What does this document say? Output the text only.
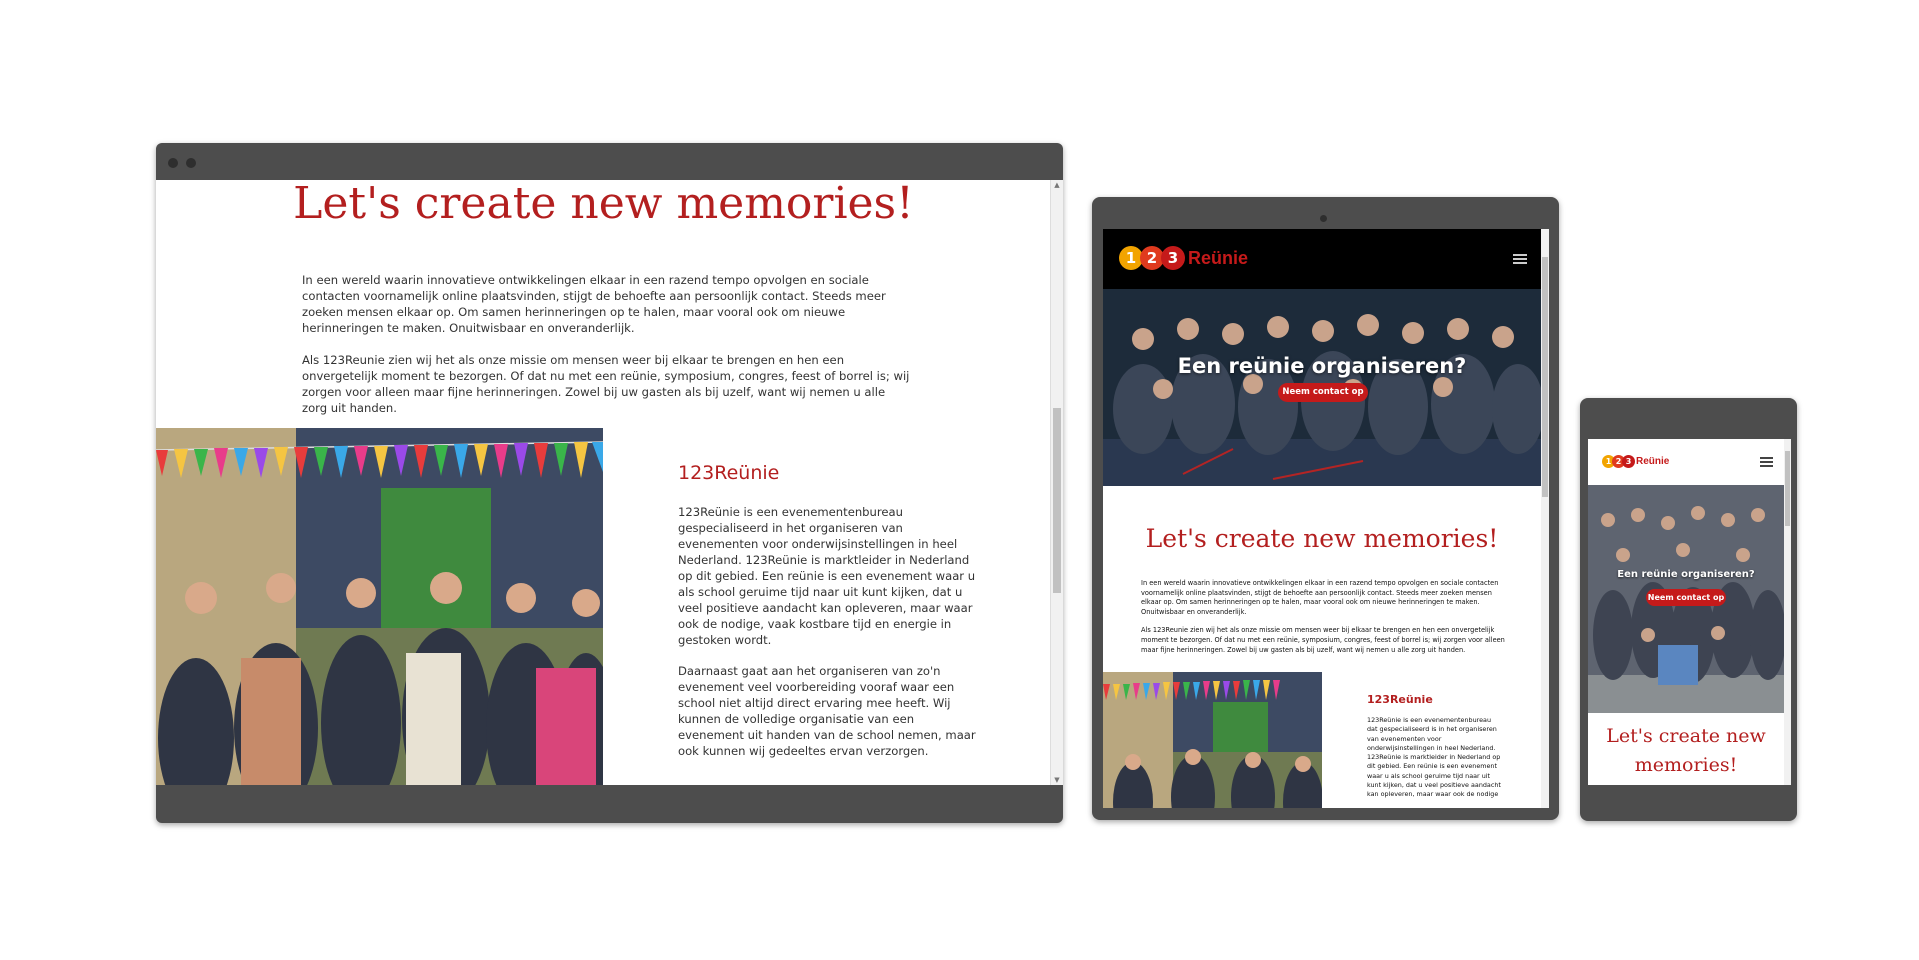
Let's create new memories!

In een wereld waarin innovatieve ontwikkelingen elkaar in een razend tempo opvolgen en sociale contacten voornamelijk online plaatsvinden, stijgt de behoefte aan persoonlijk contact. Steeds meer zoeken mensen elkaar op. Om samen herinneringen op te halen, maar vooral ook om nieuwe herinneringen te maken. Onuitwisbaar en onveranderlijk.

Als 123Reunie zien wij het als onze missie om mensen weer bij elkaar te brengen en hen een onvergetelijk moment te bezorgen. Of dat nu met een reünie, symposium, congres, feest of borrel is; wij zorgen voor alleen maar fijne herinneringen. Zowel bij uw gasten als bij uzelf, want wij nemen u alle zorg uit handen.

123Reünie

123Reünie is een evenementenbureau gespecialiseerd in het organiseren van evenementen voor onderwijsinstellingen in heel Nederland. 123Reünie is marktleider in Nederland op dit gebied. Een reünie is een evenement waar u als school geruime tijd naar uit kunt kijken, dat u veel positieve aandacht kan opleveren, maar waar ook de nodige, vaak kostbare tijd en energie in gestoken wordt.

Daarnaast gaat aan het organiseren van zo'n evenement veel voorbereiding vooraf waar een school niet altijd direct ervaring mee heeft. Wij kunnen de volledige organisatie van een evenement uit handen van de school nemen, maar ook kunnen wij gedeeltes ervan verzorgen.

▲
▼
1 2 3 Reünie
Een reünie organiseren?
Neem contact op
Let's create new memories!

In een wereld waarin innovatieve ontwikkelingen elkaar in een razend tempo opvolgen en sociale contacten voornamelijk online plaatsvinden, stijgt de behoefte aan persoonlijk contact. Steeds meer zoeken mensen elkaar op. Om samen herinneringen op te halen, maar vooral ook om nieuwe herinneringen te maken. Onuitwisbaar en onveranderlijk.

Als 123Reunie zien wij het als onze missie om mensen weer bij elkaar te brengen en hen een onvergetelijk moment te bezorgen. Of dat nu met een reünie, symposium, congres, feest of borrel is; wij zorgen voor alleen maar fijne herinneringen. Zowel bij uw gasten als bij uzelf, want wij nemen u alle zorg uit handen.

123Reünie

123Reünie is een evenementenbureau dat gespecialiseerd is in het organiseren van evenementen voor onderwijsinstellingen in heel Nederland. 123Reünie is marktleider in Nederland op dit gebied. Een reünie is een evenement waar u als school geruime tijd naar uit kunt kijken, dat u veel positieve aandacht kan opleveren, maar waar ook de nodige

1 2 3 Reünie
Een reünie organiseren?
Neem contact op
Let's create new memories!
